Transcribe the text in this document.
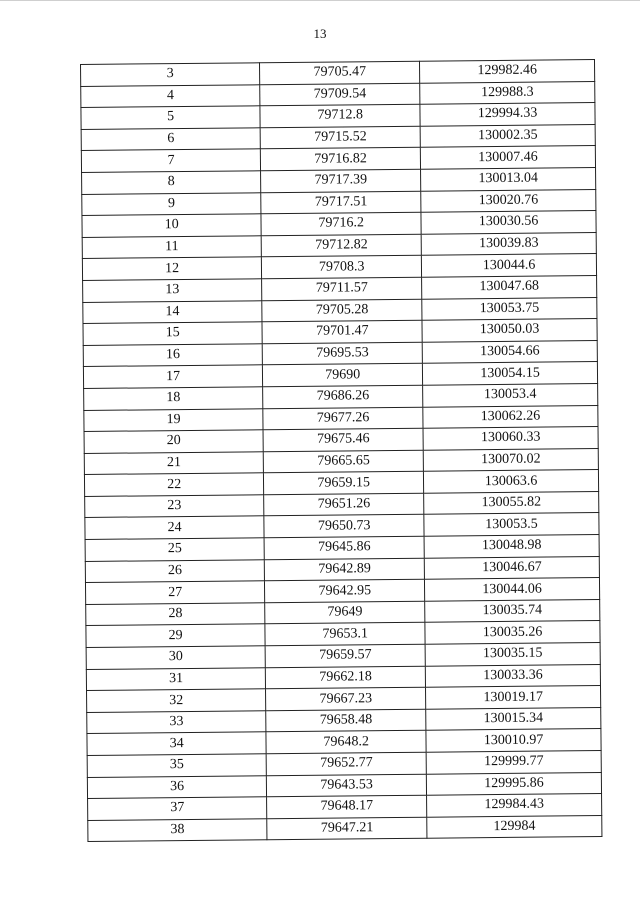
13
3	79705.47	129982.46
4	79709.54	129988.3
5	79712.8	129994.33
6	79715.52	130002.35
7	79716.82	130007.46
8	79717.39	130013.04
9	79717.51	130020.76
10	79716.2	130030.56
11	79712.82	130039.83
12	79708.3	130044.6
13	79711.57	130047.68
14	79705.28	130053.75
15	79701.47	130050.03
16	79695.53	130054.66
17	79690	130054.15
18	79686.26	130053.4
19	79677.26	130062.26
20	79675.46	130060.33
21	79665.65	130070.02
22	79659.15	130063.6
23	79651.26	130055.82
24	79650.73	130053.5
25	79645.86	130048.98
26	79642.89	130046.67
27	79642.95	130044.06
28	79649	130035.74
29	79653.1	130035.26
30	79659.57	130035.15
31	79662.18	130033.36
32	79667.23	130019.17
33	79658.48	130015.34
34	79648.2	130010.97
35	79652.77	129999.77
36	79643.53	129995.86
37	79648.17	129984.43
38	79647.21	129984
